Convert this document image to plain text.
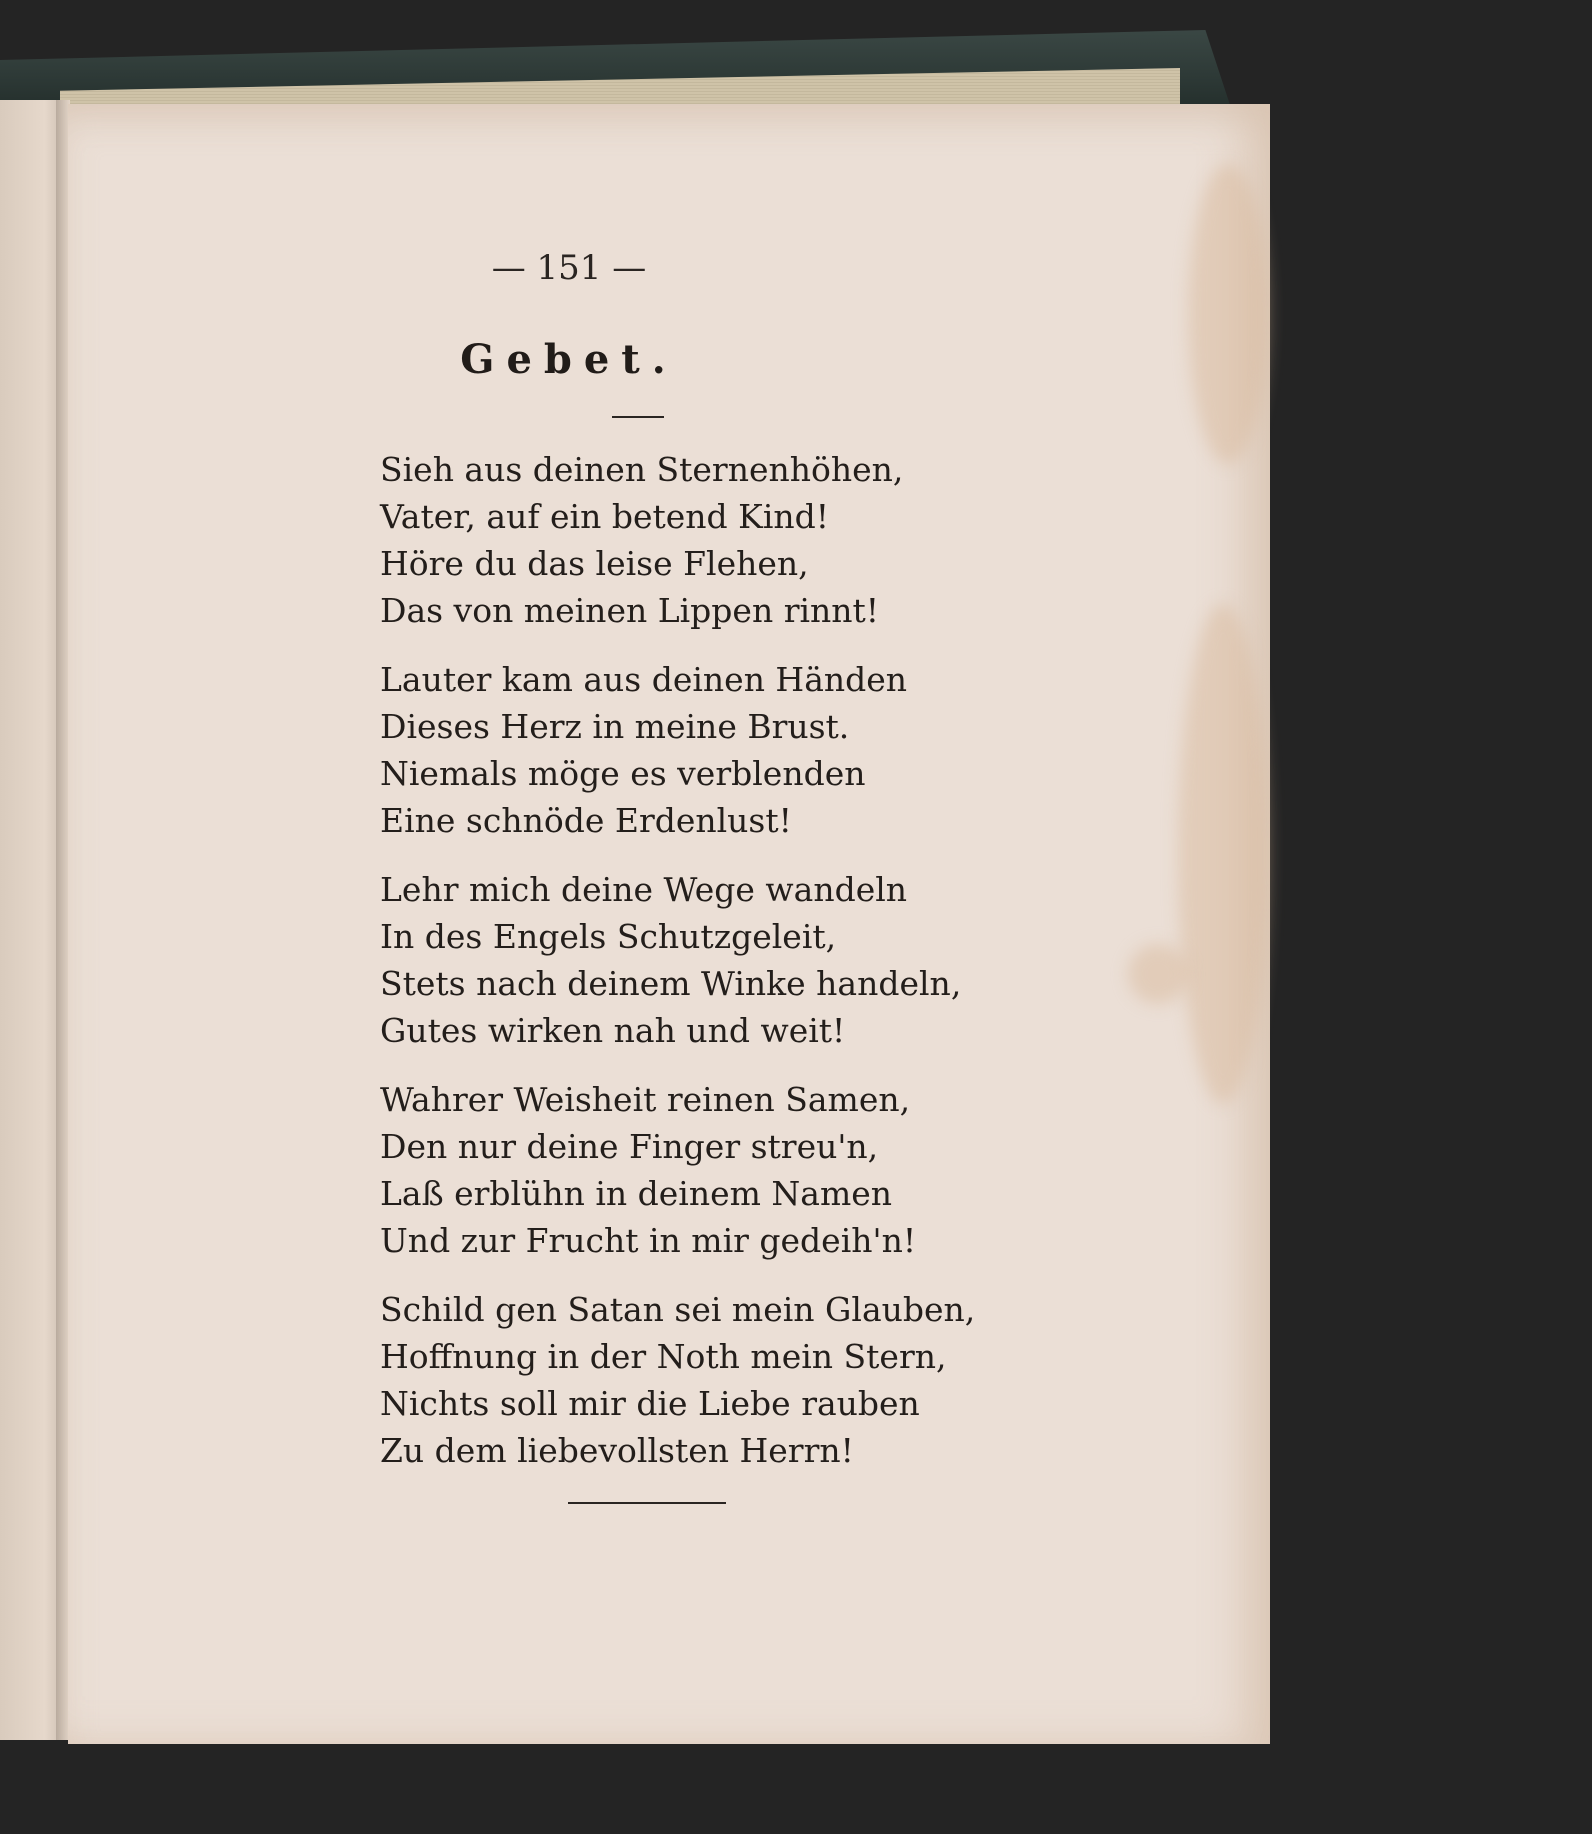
— 151 —
Gebet.
Sieh aus deinen Sternenhöhen,
Vater, auf ein betend Kind!
Höre du das leise Flehen,
Das von meinen Lippen rinnt!
Lauter kam aus deinen Händen
Dieses Herz in meine Brust.
Niemals möge es verblenden
Eine schnöde Erdenlust!
Lehr mich deine Wege wandeln
In des Engels Schutzgeleit,
Stets nach deinem Winke handeln,
Gutes wirken nah und weit!
Wahrer Weisheit reinen Samen,
Den nur deine Finger streu'n,
Laß erblühn in deinem Namen
Und zur Frucht in mir gedeih'n!
Schild gen Satan sei mein Glauben,
Hoffnung in der Noth mein Stern,
Nichts soll mir die Liebe rauben
Zu dem liebevollsten Herrn!
